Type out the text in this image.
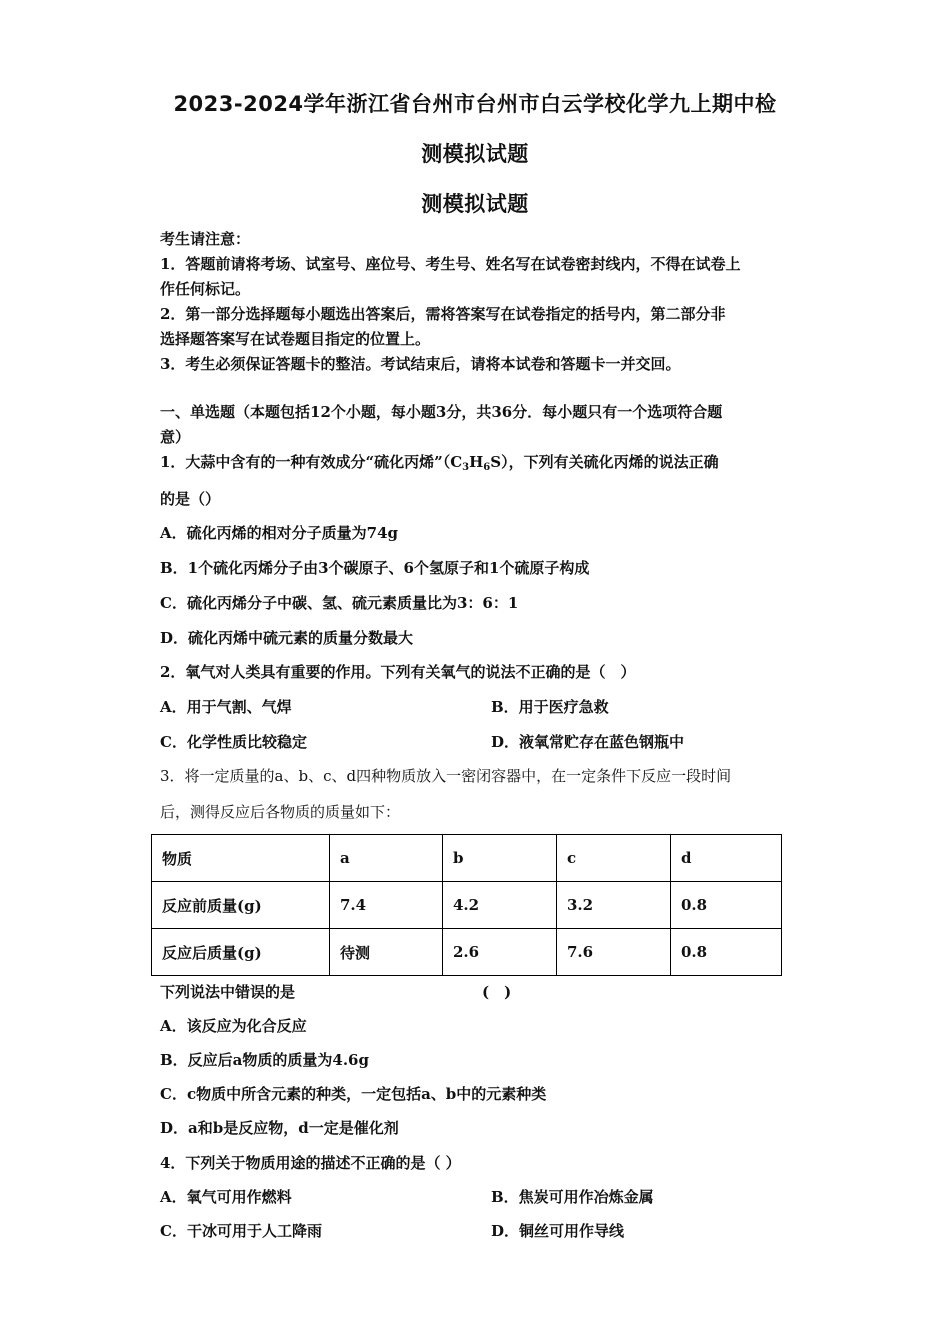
2023-2024学年浙江省台州市台州市白云学校化学九上期中检
测模拟试题
测模拟试题
考生请注意：
1．答题前请将考场、试室号、座位号、考生号、姓名写在试卷密封线内，不得在试卷上
作任何标记。
2．第一部分选择题每小题选出答案后，需将答案写在试卷指定的括号内，第二部分非
选择题答案写在试卷题目指定的位置上。
3．考生必须保证答题卡的整洁。考试结束后，请将本试卷和答题卡一并交回。
一、单选题（本题包括12个小题，每小题3分，共36分．每小题只有一个选项符合题
意）
1．大蒜中含有的一种有效成分“硫化丙烯$”(C_3H_6S)$，下列有关硫化丙烯的说法正确
的是（）
A．硫化丙烯的相对分子质量为74g
B．1个硫化丙烯分子由3个碳原子、6个氢原子和1个硫原子构成
C．硫化丙烯分子中碳、氢、硫元素质量比为3：6：1
D．硫化丙烯中硫元素的质量分数最大
2．氧气对人类具有重要的作用。下列有关氧气的说法不正确的是（　）
A．用于气割、气焊	B．用于医疗急救
C．化学性质比较稳定	D．液氧常贮存在蓝色钢瓶中
3．将一定质量的a、b、c、d四种物质放入一密闭容器中，在一定条件下反应一段时间
后，测得反应后各物质的质量如下：
物质	a	b	c	d
反应前质量(g)	7.4	4.2	3.2	0.8
反应后质量(g)	待测	2.6	7.6	0.8
下列说法中错误的是	(　)
A．该反应为化合反应
B．反应后a物质的质量为4.6g
C．c物质中所含元素的种类，一定包括a、b中的元素种类
D．a和b是反应物，d一定是催化剂
4．下列关于物质用途的描述不正确的是（ ）
A．氧气可用作燃料	B．焦炭可用作冶炼金属
C．干冰可用于人工降雨	D．铜丝可用作导线
